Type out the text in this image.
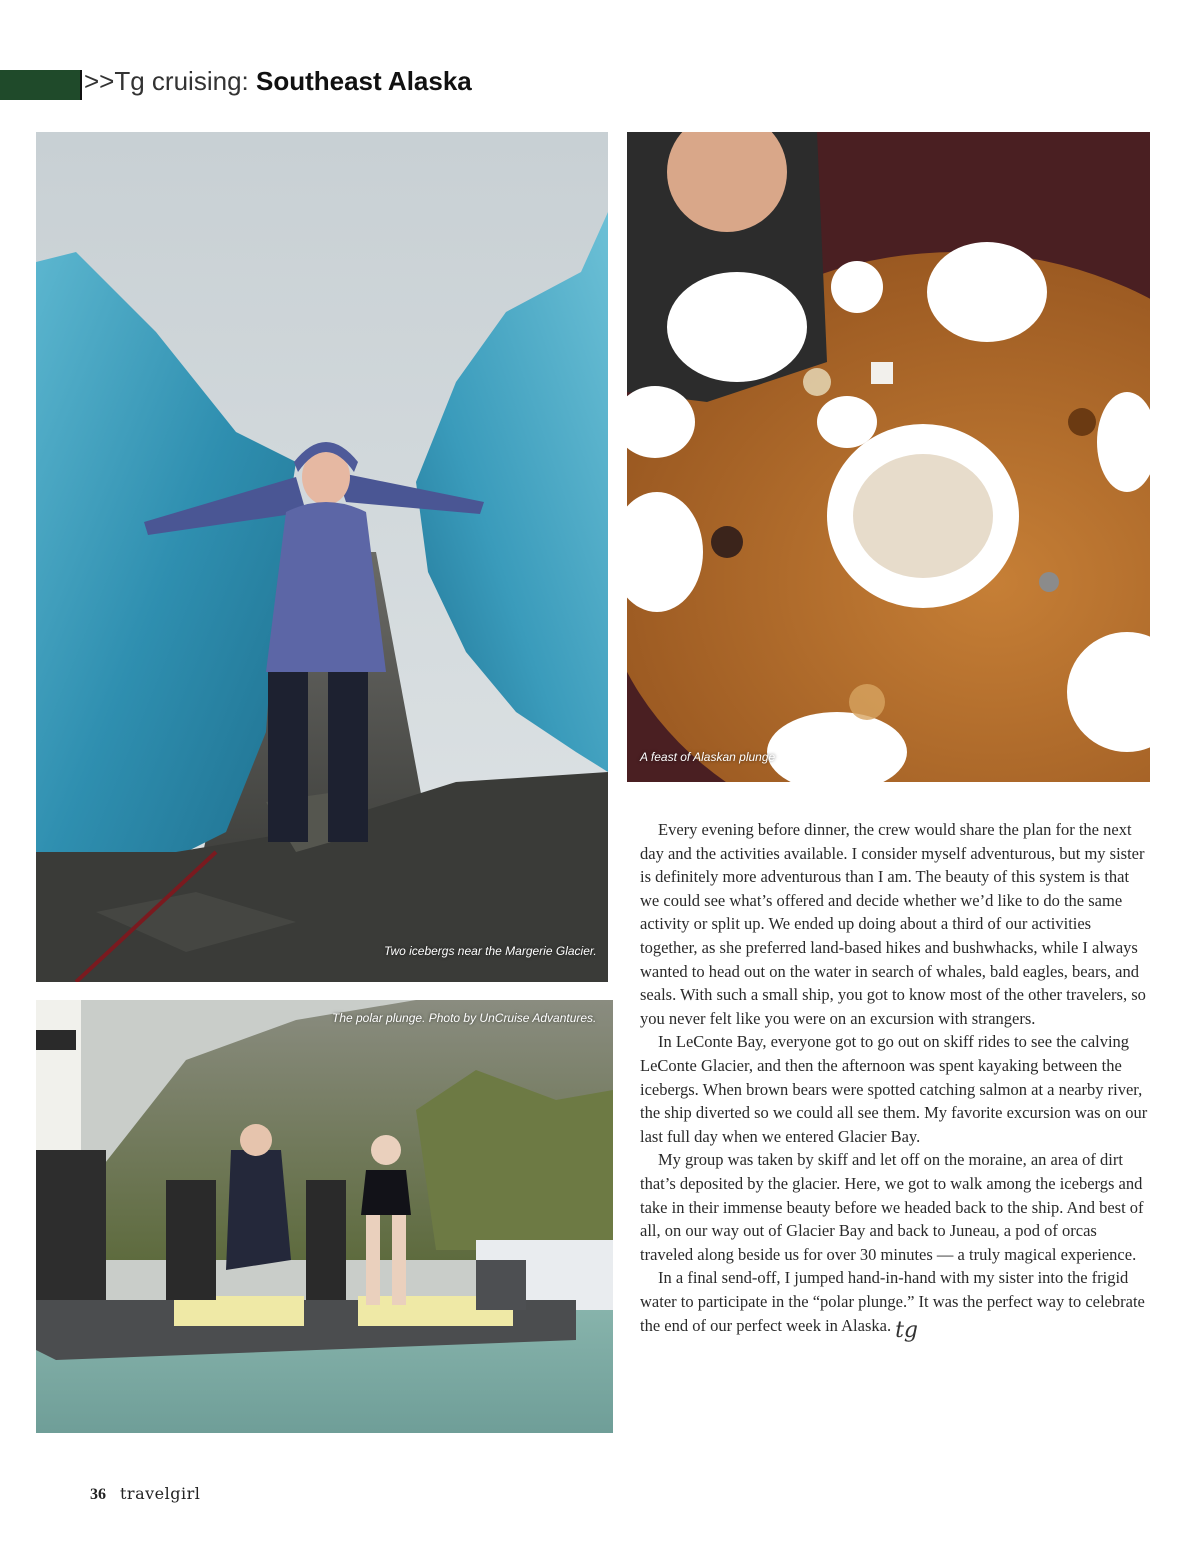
>>Tg cruising: Southeast Alaska
Two icebergs near the Margerie Glacier.
A feast of Alaskan plunge
The polar plunge. Photo by UnCruise Advantures.

Every evening before dinner, the crew would share the plan for the next day and the activities available. I consider myself adventurous, but my sister is definitely more adventurous than I am. The beauty of this system is that we could see what’s offered and decide whether we’d like to do the same activity or split up. We ended up doing about a third of our activities together, as she preferred land-based hikes and bushwhacks, while I always wanted to head out on the water in search of whales, bald eagles, bears, and seals. With such a small ship, you got to know most of the other travelers, so you never felt like you were on an excursion with strangers.

In LeConte Bay, everyone got to go out on skiff rides to see the calving LeConte Glacier, and then the afternoon was spent kayaking between the icebergs. When brown bears were spotted catching salmon at a nearby river, the ship diverted so we could all see them. My favorite excursion was on our last full day when we entered Glacier Bay.

My group was taken by skiff and let off on the moraine, an area of dirt that’s deposited by the glacier. Here, we got to walk among the icebergs and take in their immense beauty before we headed back to the ship. And best of all, on our way out of Glacier Bay and back to Juneau, a pod of orcas traveled along beside us for over 30 minutes — a truly magical experience.

In a final send-off, I jumped hand-in-hand with my sister into the frigid water to participate in the “polar plunge.” It was the perfect way to celebrate the end of our perfect week in Alaska. tg

36 travelgirl
